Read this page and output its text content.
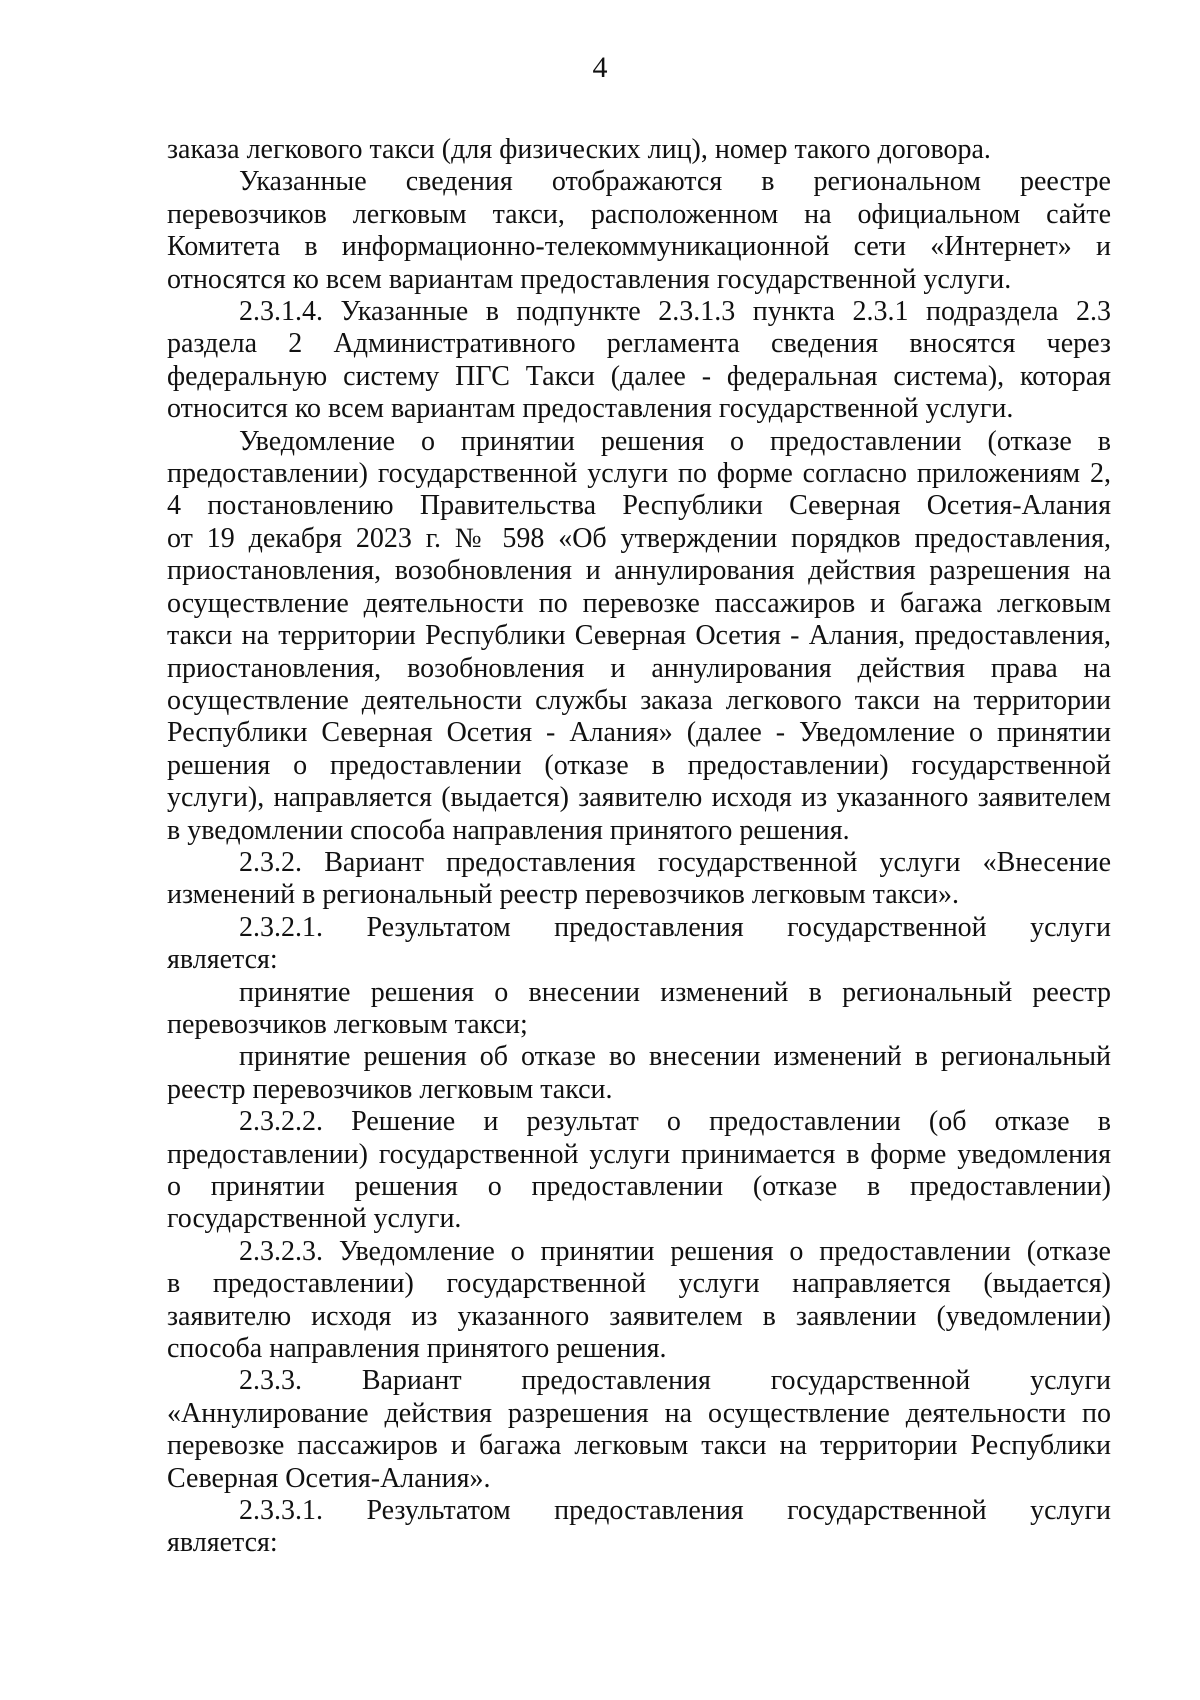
4
заказа легкового такси (для физических лиц), номер такого договора.
Указанные сведения отображаются в региональном реестре
перевозчиков легковым такси, расположенном на официальном сайте
Комитета в информационно-телекоммуникационной сети «Интернет» и
относятся ко всем вариантам предоставления государственной услуги.
2.3.1.4. Указанные в подпункте 2.3.1.3 пункта 2.3.1 подраздела 2.3
раздела 2 Административного регламента сведения вносятся через
федеральную систему ПГС Такси (далее - федеральная система), которая
относится ко всем вариантам предоставления государственной услуги.
Уведомление о принятии решения о предоставлении (отказе в
предоставлении) государственной услуги по форме согласно приложениям 2,
4 постановлению Правительства Республики Северная Осетия-Алания
от 19 декабря 2023 г. № 598 «Об утверждении порядков предоставления,
приостановления, возобновления и аннулирования действия разрешения на
осуществление деятельности по перевозке пассажиров и багажа легковым
такси на территории Республики Северная Осетия - Алания, предоставления,
приостановления, возобновления и аннулирования действия права на
осуществление деятельности службы заказа легкового такси на территории
Республики Северная Осетия - Алания» (далее - Уведомление о принятии
решения о предоставлении (отказе в предоставлении) государственной
услуги), направляется (выдается) заявителю исходя из указанного заявителем
в уведомлении способа направления принятого решения.
2.3.2. Вариант предоставления государственной услуги «Внесение
изменений в региональный реестр перевозчиков легковым такси».
2.3.2.1. Результатом предоставления государственной услуги
является:
принятие решения о внесении изменений в региональный реестр
перевозчиков легковым такси;
принятие решения об отказе во внесении изменений в региональный
реестр перевозчиков легковым такси.
2.3.2.2. Решение и результат о предоставлении (об отказе в
предоставлении) государственной услуги принимается в форме уведомления
о принятии решения о предоставлении (отказе в предоставлении)
государственной услуги.
2.3.2.3. Уведомление о принятии решения о предоставлении (отказе
в предоставлении) государственной услуги направляется (выдается)
заявителю исходя из указанного заявителем в заявлении (уведомлении)
способа направления принятого решения.
2.3.3. Вариант предоставления государственной услуги
«Аннулирование действия разрешения на осуществление деятельности по
перевозке пассажиров и багажа легковым такси на территории Республики
Северная Осетия-Алания».
2.3.3.1. Результатом предоставления государственной услуги
является:
